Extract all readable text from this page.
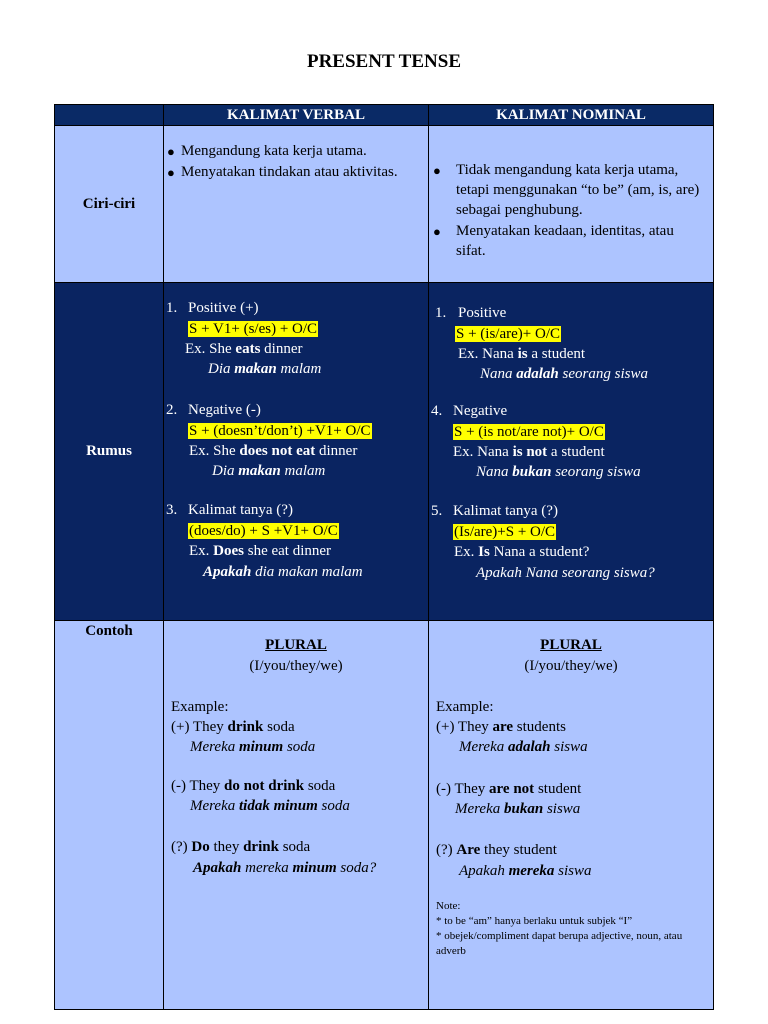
PRESENT TENSE
KALIMAT VERBAL	KALIMAT NOMINAL
Ciri-ciri
● Mengandung kata kerja utama.
● Menyatakan tindakan atau aktivitas.	● Tidak mengandung kata kerja utama,
tetapi menggunakan “to be” (am, is, are)
sebagai penghubung.
● Menyatakan keadaan, identitas, atau
sifat.
Rumus
1. Positive (+)
S + V1+ (s/es) + O/C
Ex. She eats dinner
Dia makan malam
2. Negative (-)
S + (doesn’t/don’t) +V1+ O/C
Ex. She does not eat dinner
Dia makan malam
3. Kalimat tanya (?)
(does/do) + S +V1+ O/C
Ex. Does she eat dinner
Apakah dia makan malam
1. Positive
S + (is/are)+ O/C
Ex. Nana is a student
Nana adalah seorang siswa
4. Negative
S + (is not/are not)+ O/C
Ex. Nana is not a student
Nana bukan seorang siswa
5. Kalimat tanya (?)
(Is/are)+S + O/C
Ex. Is Nana a student?
Apakah Nana seorang siswa?
Contoh
PLURAL
(I/you/they/we)
Example:
(+) They drink soda
Mereka minum soda
(-) They do not drink soda
Mereka tidak minum soda
(?) Do they drink soda
Apakah mereka minum soda?
PLURAL
(I/you/they/we)
Example:
(+) They are students
Mereka adalah siswa
(-) They are not student
Mereka bukan siswa
(?) Are they student
Apakah mereka siswa
Note:
* to be “am” hanya berlaku untuk subjek “I”
* obejek/compliment dapat berupa adjective, noun, atau
adverb
